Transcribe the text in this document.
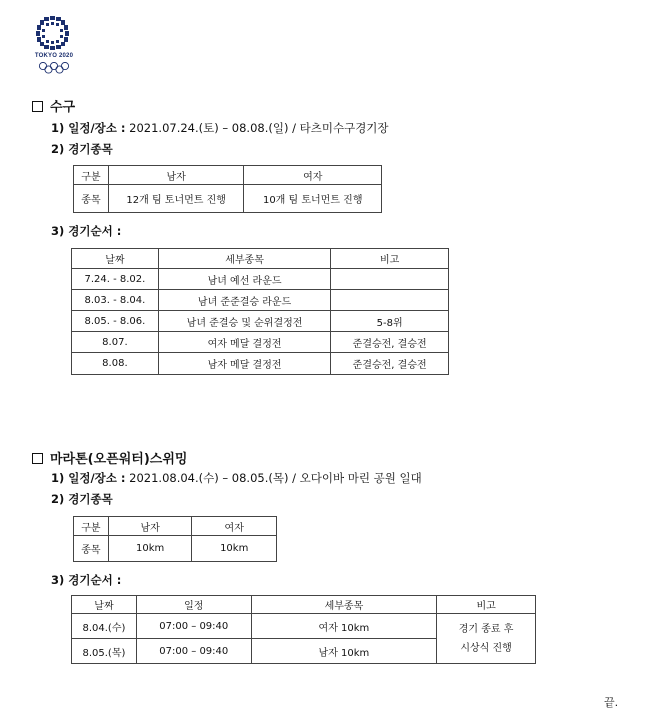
TOKYO 2020
수구
1) 일정/장소 : 2021.07.24.(토) – 08.08.(일) / 타츠미수구경기장
2) 경기종목
구분	남자	여자
종목	12개 팀 토너먼트 진행	10개 팀 토너먼트 진행
3) 경기순서 :
날짜	세부종목	비고
7.24. - 8.02.	남녀 예선 라운드	
8.03. - 8.04.	남녀 준준결승 라운드	
8.05. - 8.06.	남녀 준결승 및 순위결정전	5-8위
8.07.	여자 메달 결정전	준결승전, 결승전
8.08.	남자 메달 결정전	준결승전, 결승전
마라톤(오픈워터)스위밍
1) 일정/장소 : 2021.08.04.(수) – 08.05.(목) / 오다이바 마린 공원 일대
2) 경기종목
구분	남자	여자
종목	10km	10km
3) 경기순서 :
날짜	일정	세부종목	비고
8.04.(수)	07:00 – 09:40	여자 10km	경기 종료 후
시상식 진행

8.05.(목)	07:00 – 09:40	남자 10km	
끝.
